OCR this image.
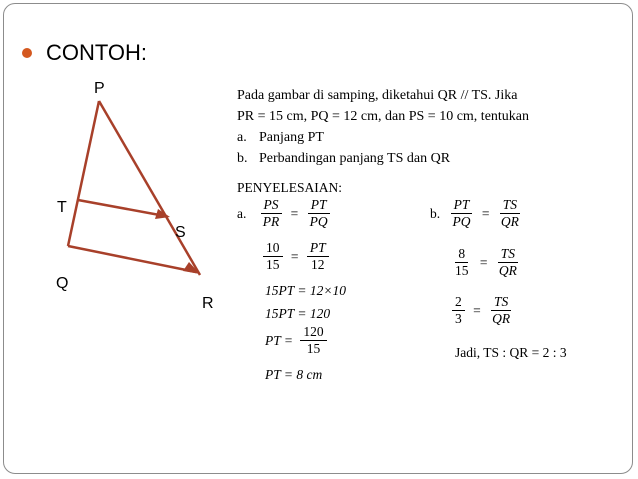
CONTOH:
P
T
S
Q
R
Pada gambar di samping, diketahui QR // TS. Jika
PR = 15 cm, PQ = 12 cm, dan PS = 10 cm, tentukan
a. Panjang PT
b. Perbandingan panjang TS dan QR
PENYELESAIAN:
a. $\frac{PS}{PR} = \frac{PT}{PQ}$
$\frac{10}{15} = \frac{PT}{12}$
15PT = 12×10
15PT = 120
PT = $\frac{120}{15}$
PT = 8 cm
b. $\frac{PT}{PQ} = \frac{TS}{QR}$
$\frac{8}{15} = \frac{TS}{QR}$
$\frac{2}{3} = \frac{TS}{QR}$
Jadi, TS : QR = 2 : 3
